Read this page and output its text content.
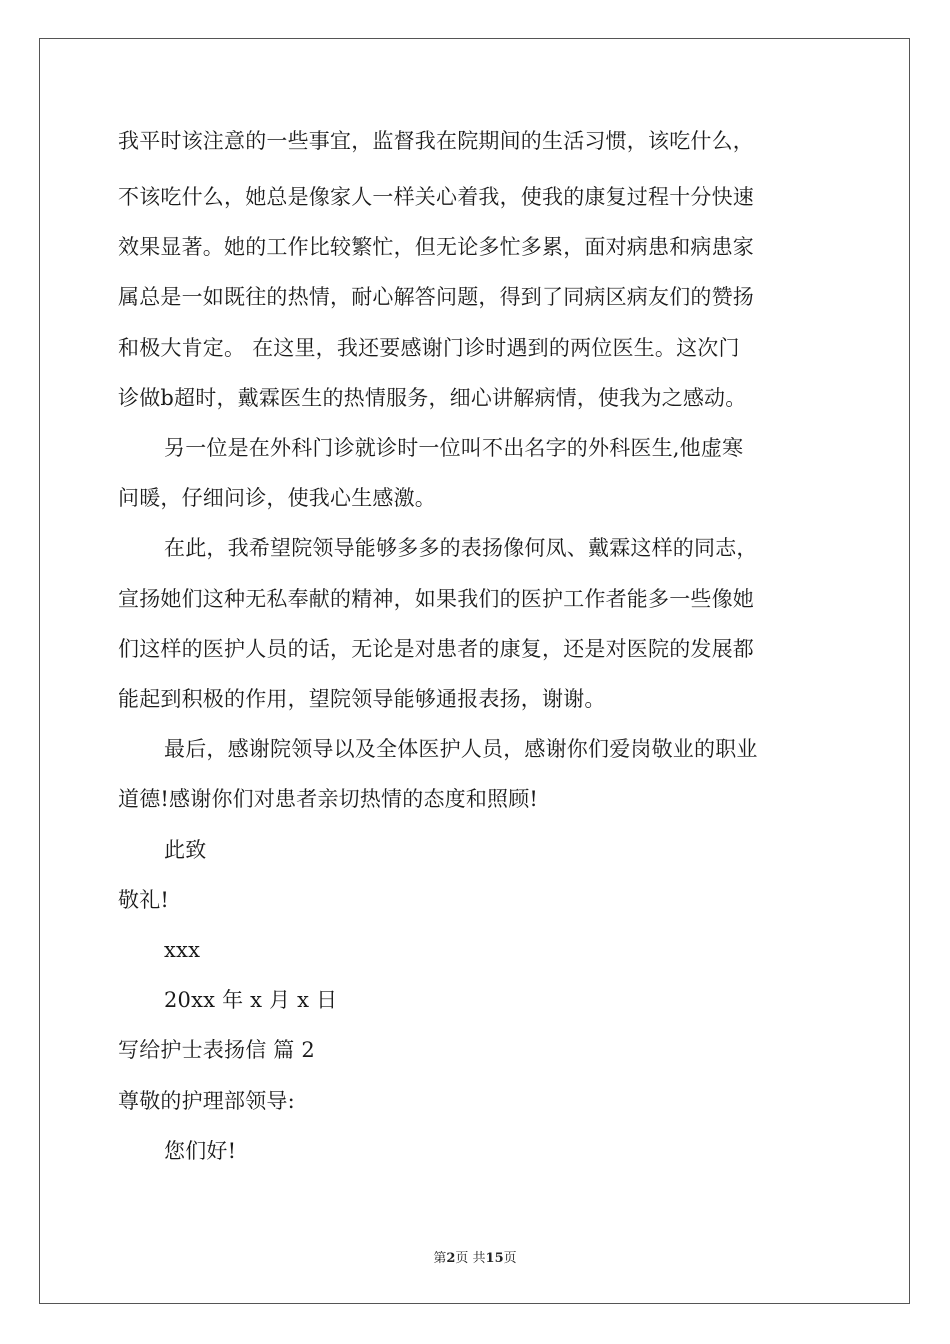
我平时该注意的一些事宜，监督我在院期间的生活习惯，该吃什么，
不该吃什么，她总是像家人一样关心着我，使我的康复过程十分快速
效果显著。她的工作比较繁忙，但无论多忙多累，面对病患和病患家
属总是一如既往的热情，耐心解答问题，得到了同病区病友们的赞扬
和极大肯定。 在这里，我还要感谢门诊时遇到的两位医生。这次门
诊做b超时，戴霖医生的热情服务，细心讲解病情，使我为之感动。
另一位是在外科门诊就诊时一位叫不出名字的外科医生,他虚寒
问暖，仔细问诊，使我心生感激。
在此，我希望院领导能够多多的表扬像何凤、戴霖这样的同志，
宣扬她们这种无私奉献的精神，如果我们的医护工作者能多一些像她
们这样的医护人员的话，无论是对患者的康复，还是对医院的发展都
能起到积极的作用，望院领导能够通报表扬，谢谢。
最后，感谢院领导以及全体医护人员，感谢你们爱岗敬业的职业
道德!感谢你们对患者亲切热情的态度和照顾!
此致
敬礼!
xxx
20xx 年 x 月 x 日
写给护士表扬信 篇 2
尊敬的护理部领导:
您们好!
第2页 共15页
